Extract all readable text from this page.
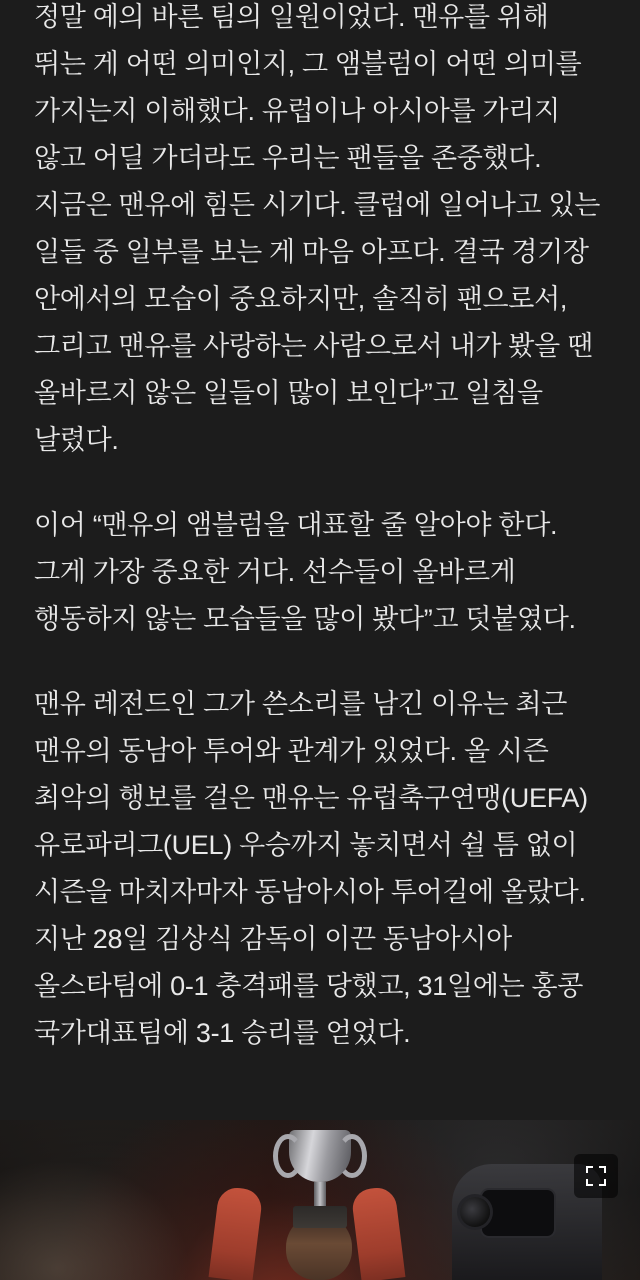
정말 예의 바른 팀의 일원이었다. 맨유를 위해 뛰는 게 어떤 의미인지, 그 앰블럼이 어떤 의미를 가지는지 이해했다. 유럽이나 아시아를 가리지 않고 어딜 가더라도 우리는 팬들을 존중했다. 지금은 맨유에 힘든 시기다. 클럽에 일어나고 있는 일들 중 일부를 보는 게 마음 아프다. 결국 경기장 안에서의 모습이 중요하지만, 솔직히 팬으로서, 그리고 맨유를 사랑하는 사람으로서 내가 봤을 땐 올바르지 않은 일들이 많이 보인다”고 일침을 날렸다.

이어 “맨유의 앰블럼을 대표할 줄 알아야 한다. 그게 가장 중요한 거다. 선수들이 올바르게 행동하지 않는 모습들을 많이 봤다”고 덧붙였다.

맨유 레전드인 그가 쓴소리를 남긴 이유는 최근 맨유의 동남아 투어와 관계가 있었다. 올 시즌 최악의 행보를 걸은 맨유는 유럽축구연맹(UEFA) 유로파리그(UEL) 우승까지 놓치면서 쉴 틈 없이 시즌을 마치자마자 동남아시아 투어길에 올랐다. 지난 28일 김상식 감독이 이끈 동남아시아 올스타팀에 0-1 충격패를 당했고, 31일에는 홍콩 국가대표팀에 3-1 승리를 얻었다.
